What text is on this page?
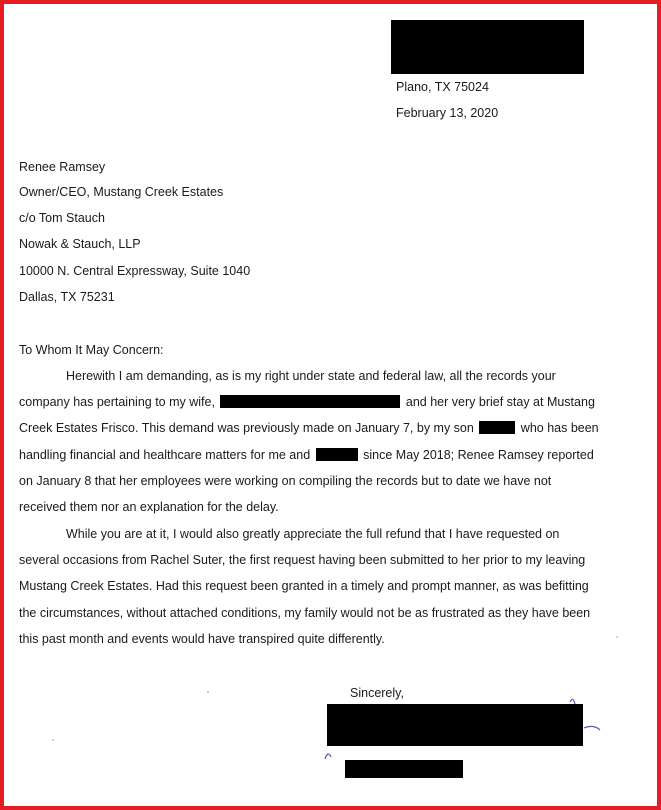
Plano, TX 75024
February 13, 2020
Renee Ramsey
Owner/CEO, Mustang Creek Estates
c/o Tom Stauch
Nowak & Stauch, LLP
10000 N. Central Expressway, Suite 1040
Dallas, TX 75231
To Whom It May Concern:
Herewith I am demanding, as is my right under state and federal law, all the records your
company has pertaining to my wife,	and her very brief stay at Mustang
Creek Estates Frisco. This demand was previously made on January 7, by my son	who has been
handling financial and healthcare matters for me and	since May 2018; Renee Ramsey reported
on January 8 that her employees were working on compiling the records but to date we have not
received them nor an explanation for the delay.
While you are at it, I would also greatly appreciate the full refund that I have requested on
several occasions from Rachel Suter, the first request having been submitted to her prior to my leaving
Mustang Creek Estates. Had this request been granted in a timely and prompt manner, as was befitting
the circumstances, without attached conditions, my family would not be as frustrated as they have been
this past month and events would have transpired quite differently.
Sincerely,
